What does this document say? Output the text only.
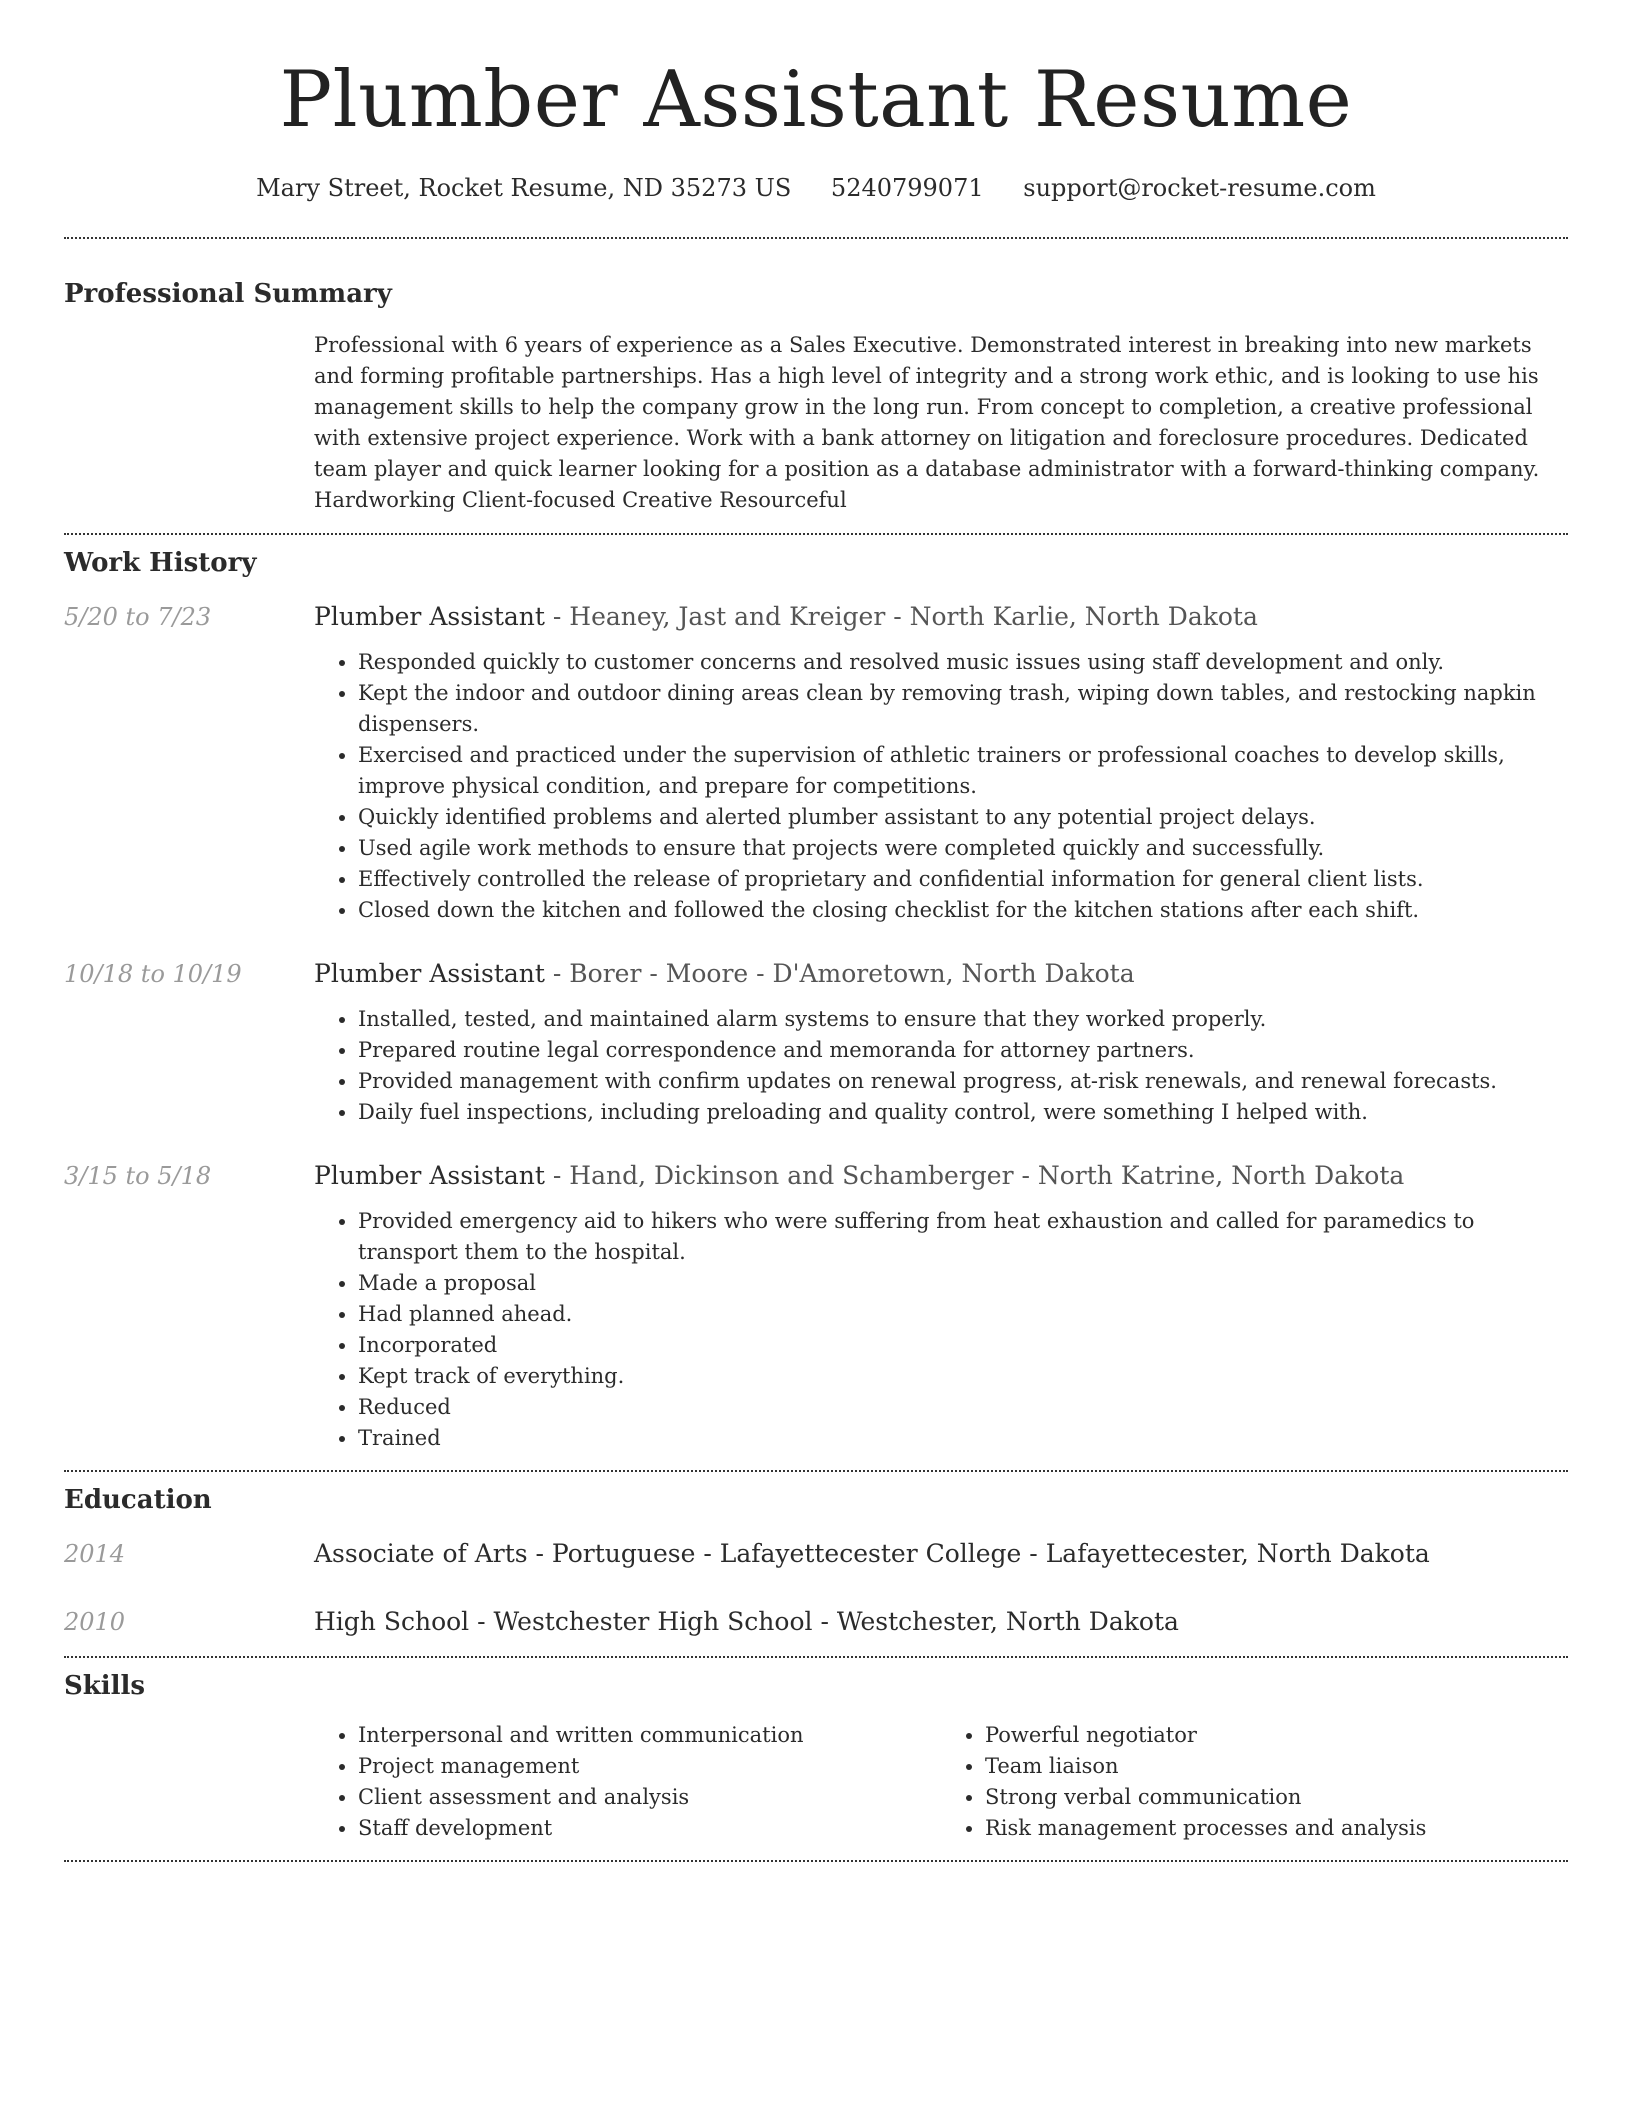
Plumber Assistant Resume
Mary Street, Rocket Resume, ND 35273 US 5240799071 support@rocket-resume.com
Professional Summary

Professional with 6 years of experience as a Sales Executive. Demonstrated interest in breaking into new markets and forming profitable partnerships. Has a high level of integrity and a strong work ethic, and is looking to use his management skills to help the company grow in the long run. From concept to completion, a creative professional with extensive project experience. Work with a bank attorney on litigation and foreclosure procedures. Dedicated team player and quick learner looking for a position as a database administrator with a forward-thinking company. Hardworking Client-focused Creative Resourceful

Work History
5/20 to 7/23	Plumber Assistant - Heaney, Jast and Kreiger - North Karlie, North Dakota
• Responded quickly to customer concerns and resolved music issues using staff development and only.
• Kept the indoor and outdoor dining areas clean by removing trash, wiping down tables, and restocking napkin dispensers.
• Exercised and practiced under the supervision of athletic trainers or professional coaches to develop skills, improve physical condition, and prepare for competitions.
• Quickly identified problems and alerted plumber assistant to any potential project delays.
• Used agile work methods to ensure that projects were completed quickly and successfully.
• Effectively controlled the release of proprietary and confidential information for general client lists.
• Closed down the kitchen and followed the closing checklist for the kitchen stations after each shift.
10/18 to 10/19	Plumber Assistant - Borer - Moore - D'Amoretown, North Dakota
• Installed, tested, and maintained alarm systems to ensure that they worked properly.
• Prepared routine legal correspondence and memoranda for attorney partners.
• Provided management with confirm updates on renewal progress, at-risk renewals, and renewal forecasts.
• Daily fuel inspections, including preloading and quality control, were something I helped with.
3/15 to 5/18	Plumber Assistant - Hand, Dickinson and Schamberger - North Katrine, North Dakota
• Provided emergency aid to hikers who were suffering from heat exhaustion and called for paramedics to transport them to the hospital.
• Made a proposal
• Had planned ahead.
• Incorporated
• Kept track of everything.
• Reduced
• Trained
Education
2014	Associate of Arts - Portuguese - Lafayettecester College - Lafayettecester, North Dakota
2010	High School - Westchester High School - Westchester, North Dakota
Skills
• Interpersonal and written communication
• Project management
• Client assessment and analysis
• Staff development
• Powerful negotiator
• Team liaison
• Strong verbal communication
• Risk management processes and analysis
